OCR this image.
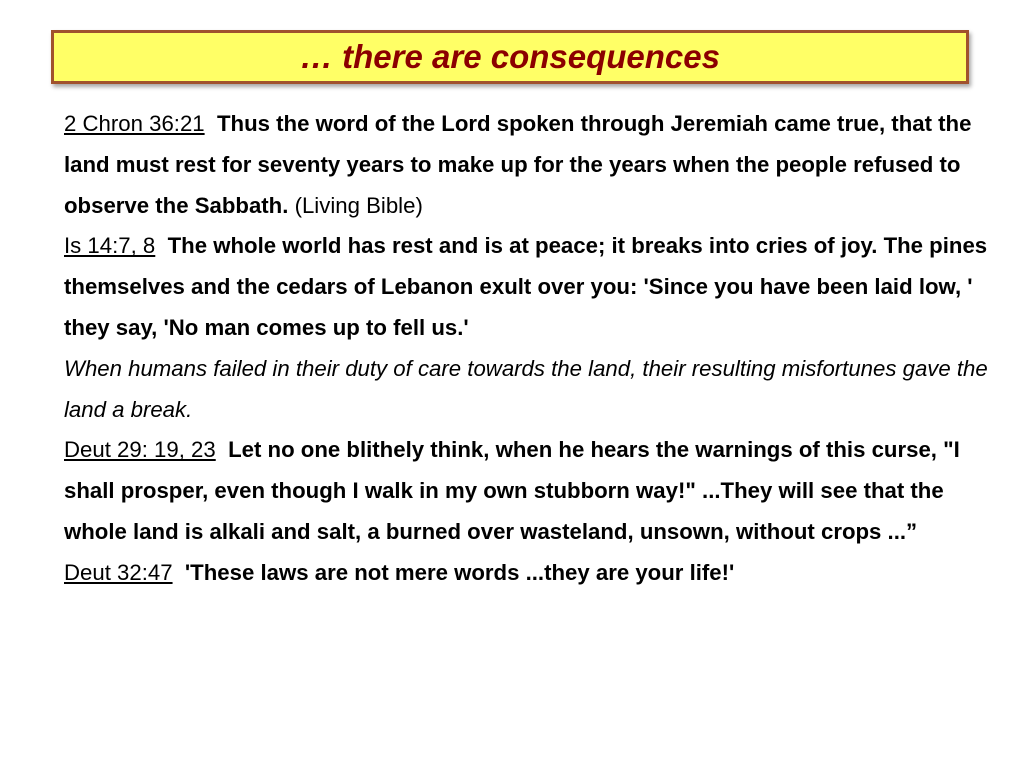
… there are consequences

2 Chron 36:21 Thus the word of the Lord spoken through Jeremiah came true, that the land must rest for seventy years to make up for the years when the people refused to observe the Sabbath. (Living Bible)

Is 14:7, 8 The whole world has rest and is at peace; it breaks into cries of joy. The pines themselves and the cedars of Lebanon exult over you: 'Since you have been laid low, ' they say, 'No man comes up to fell us.'

When humans failed in their duty of care towards the land, their resulting misfortunes gave the land a break.

Deut 29: 19, 23 Let no one blithely think, when he hears the warnings of this curse, "I shall prosper, even though I walk in my own stubborn way!" ...They will see that the whole land is alkali and salt, a burned over wasteland, unsown, without crops ...”

Deut 32:47 'These laws are not mere words ...they are your life!'
